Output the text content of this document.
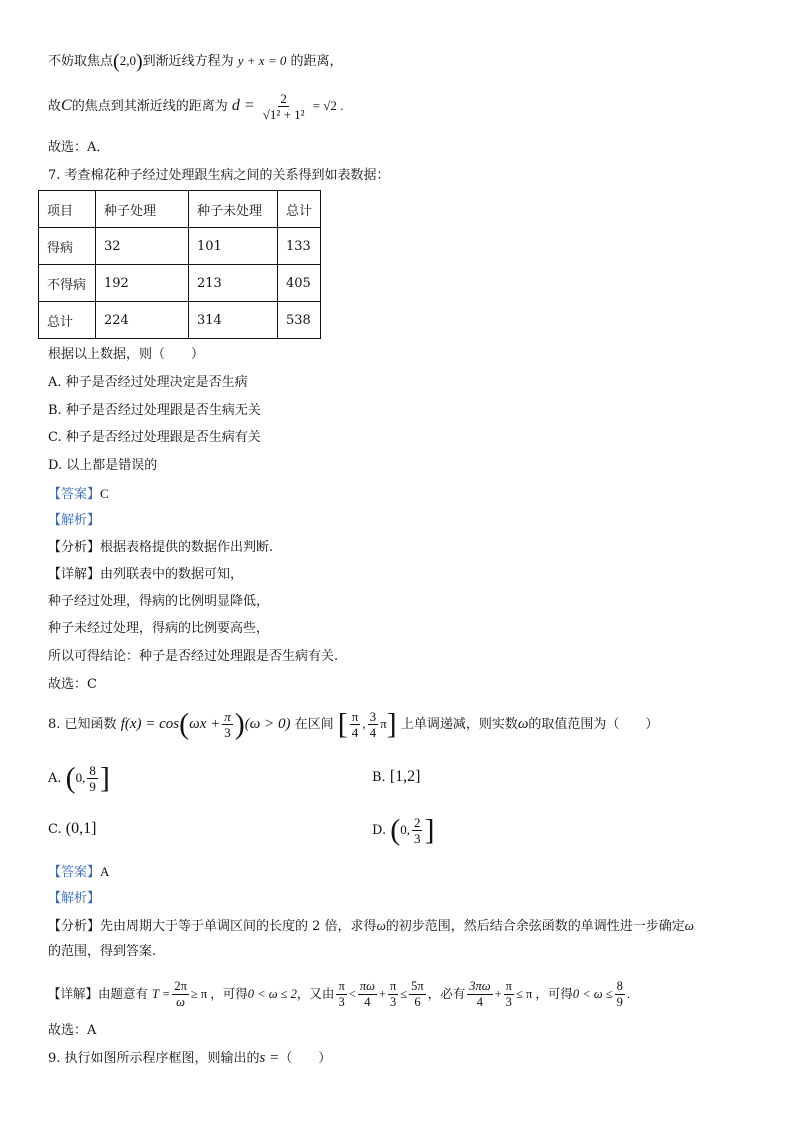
不妨取焦点(2,0)到渐近线方程为 y + x = 0 的距离，
故C的焦点到其渐近线的距离为 $d = \frac{2}{\text{√1² + 1²}} = √2$ .
故选：A．
7. 考查棉花种子经过处理跟生病之间的关系得到如表数据：
项目	种子处理	种子未处理	总计
得病	32	101	133
不得病	192	213	405
总计	224	314	538
根据以上数据，则（　　）
A. 种子是否经过处理决定是否生病
B. 种子是否经过处理跟是否生病无关
C. 种子是否经过处理跟是否生病有关
D. 以上都是错误的
【答案】C
【解析】
【分析】根据表格提供的数据作出判断.
【详解】由列联表中的数据可知，
种子经过处理，得病的比例明显降低，
种子未经过处理，得病的比例要高些，
所以可得结论：种子是否经过处理跟是否生病有关.
故选：C
8. 已知函数 $f(x) = \cos(\omega x + \frac{\pi}{3} )(\omega > 0)$ 在区间 [ $\frac{\pi}{4}$ , $\frac{3}{4} \pi$] 上单调递减，则实数ω的取值范围为（　　）
A. (0, $\frac{8}{9}$ ]	B. [1,2]
C. (0,1]	D. (0, $\frac{2}{3}$ ]
【答案】A
【解析】
【分析】先由周期大于等于单调区间的长度的 2 倍，求得ω的初步范围，然后结合余弦函数的单调性进一步确定ω
的范围，得到答案.
【详解】由题意有 $T = \frac{2\pi}{\omega} \ge \pi$ ，可得0 < ω ≤ 2，又由 $\frac{\pi}{3} < \frac{\pi\omega}{4} + \frac{\pi}{3} \le \frac{5\pi}{6}$ ，必有 $\frac{3\pi\omega}{4} + \frac{\pi}{3} \le \pi$ ，可得$0 < \omega \le \frac{8}{9}$ .
故选：A
9. 执行如图所示程序框图，则输出的s =（　　）
